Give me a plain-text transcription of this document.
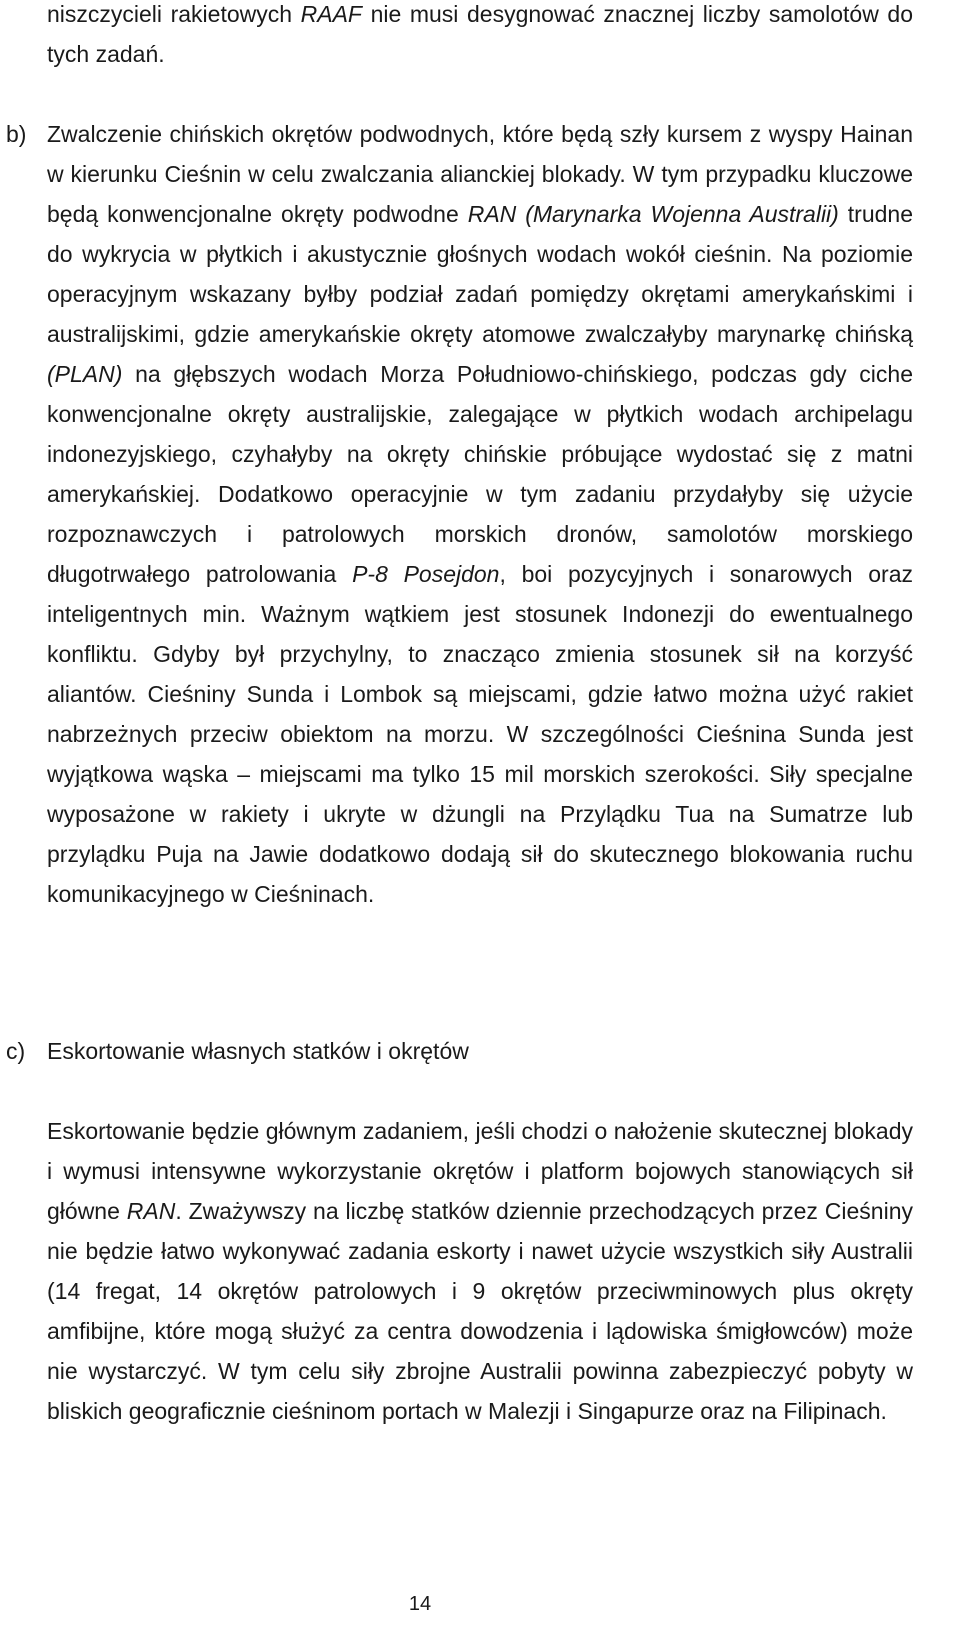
niszczycieli rakietowych RAAF nie musi desygnować znacznej liczby samolotów do tych zadań.
b) Zwalczenie chińskich okrętów podwodnych, które będą szły kursem z wyspy Hainan w kierunku Cieśnin w celu zwalczania alianckiej blokady. W tym przypadku kluczowe będą konwencjonalne okręty podwodne RAN (Marynarka Wojenna Australii) trudne do wykrycia w płytkich i akustycznie głośnych wodach wokół cieśnin. Na poziomie operacyjnym wskazany byłby podział zadań pomiędzy okrętami amerykańskimi i australijskimi, gdzie amerykańskie okręty atomowe zwalczałyby marynarkę chińską (PLAN) na głębszych wodach Morza Południowo-chińskiego, podczas gdy ciche konwencjonalne okręty australijskie, zalegające w płytkich wodach archipelagu indonezyjskiego, czyhałyby na okręty chińskie próbujące wydostać się z matni amerykańskiej. Dodatkowo operacyjnie w tym zadaniu przydałyby się użycie rozpoznawczych i patrolowych morskich dronów, samolotów morskiego długotrwałego patrolowania P-8 Posejdon, boi pozycyjnych i sonarowych oraz inteligentnych min. Ważnym wątkiem jest stosunek Indonezji do ewentualnego konfliktu. Gdyby był przychylny, to znacząco zmienia stosunek sił na korzyść aliantów. Cieśniny Sunda i Lombok są miejscami, gdzie łatwo można użyć rakiet nabrzeżnych przeciw obiektom na morzu. W szczególności Cieśnina Sunda jest wyjątkowa wąska – miejscami ma tylko 15 mil morskich szerokości. Siły specjalne wyposażone w rakiety i ukryte w dżungli na Przylądku Tua na Sumatrze lub przylądku Puja na Jawie dodatkowo dodają sił do skutecznego blokowania ruchu komunikacyjnego w Cieśninach.
c) Eskortowanie własnych statków i okrętów
Eskortowanie będzie głównym zadaniem, jeśli chodzi o nałożenie skutecznej blokady i wymusi intensywne wykorzystanie okrętów i platform bojowych stanowiących sił główne RAN. Zważywszy na liczbę statków dziennie przechodzących przez Cieśniny nie będzie łatwo wykonywać zadania eskorty i nawet użycie wszystkich siły Australii (14 fregat, 14 okrętów patrolowych i 9 okrętów przeciwminowych plus okręty amfibijne, które mogą służyć za centra dowodzenia i lądowiska śmigłowców) może nie wystarczyć. W tym celu siły zbrojne Australii powinna zabezpieczyć pobyty w bliskich geograficznie cieśninom portach w Malezji i Singapurze oraz na Filipinach.
14
